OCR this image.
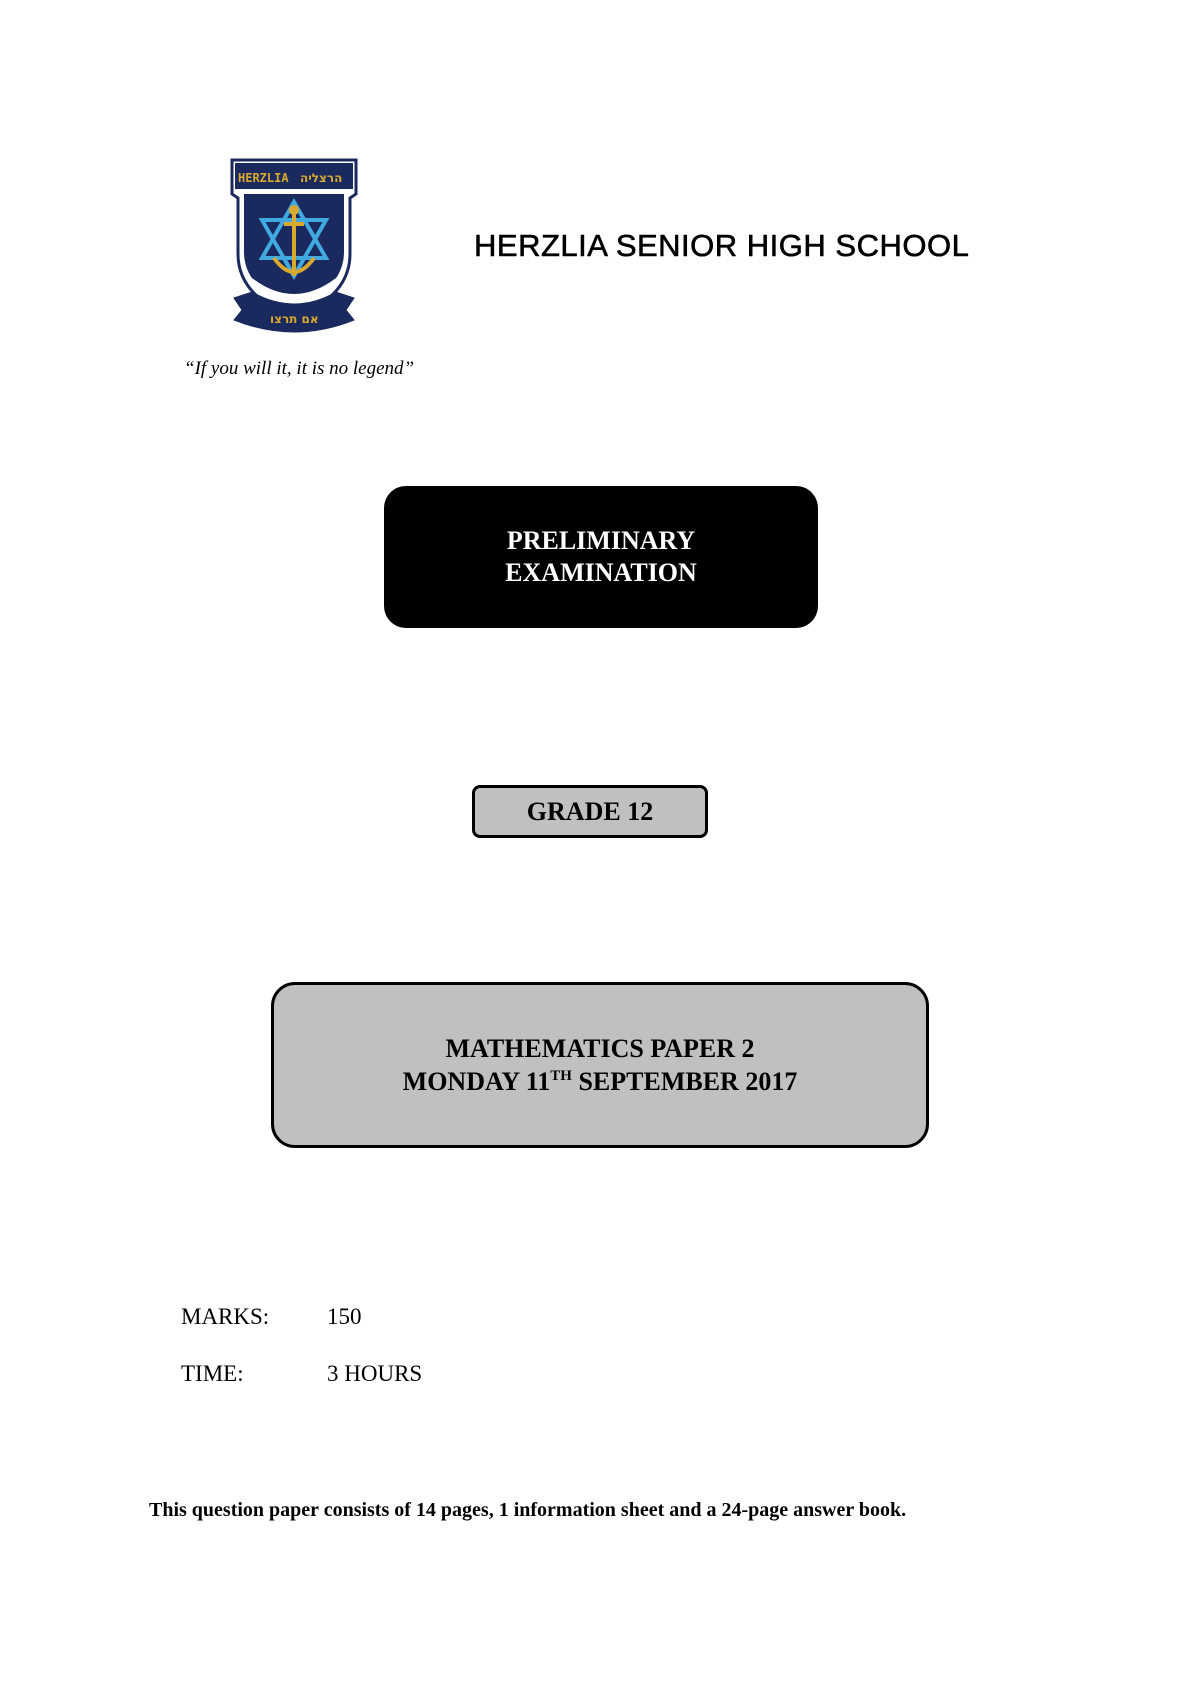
HERZLIA הרצליה
אם תרצו
HERZLIA SENIOR HIGH SCHOOL
“If you will it, it is no legend”
PRELIMINARY
EXAMINATION
GRADE 12
MATHEMATICS PAPER 2
MONDAY 11TH SEPTEMBER 2017
MARKS:	150
TIME:	3 HOURS
This question paper consists of 14 pages, 1 information sheet and a 24-page answer book.
